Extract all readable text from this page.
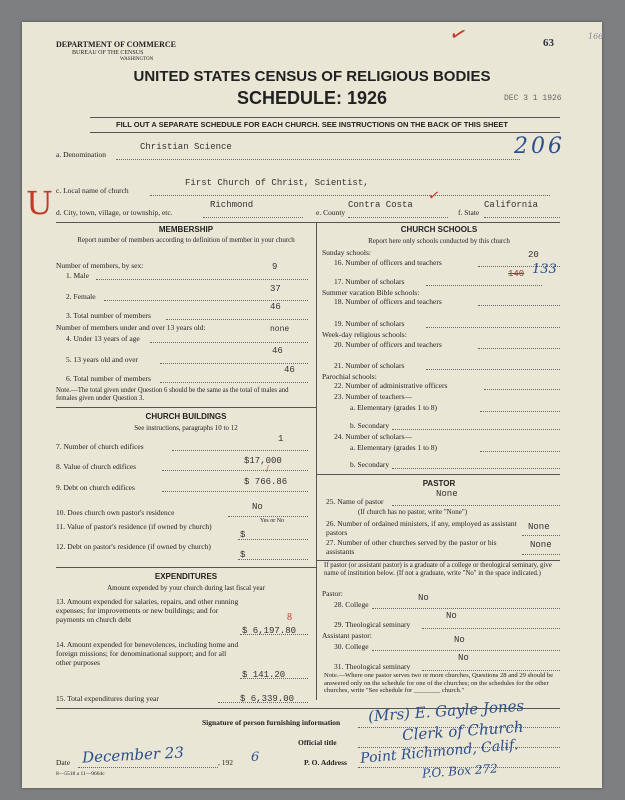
DEPARTMENT OF COMMERCE
BUREAU OF THE CENSUS
WASHINGTON
63
166
UNITED STATES CENSUS OF RELIGIOUS BODIES
SCHEDULE: 1926	DEC 3 1 1926
✓
FILL OUT A SEPARATE SCHEDULE FOR EACH CHURCH. SEE INSTRUCTIONS ON THE BACK OF THIS SHEET
a. Denomination
Christian Science	206
U c. Local name of church
First Church of Christ, Scientist,
d. City, town, village, or township, etc.
Richmond
e. County
Contra Costa
✓
f. State
California
MEMBERSHIP
Report number of members according to definition of member in your church
Number of members, by sex:
1. Male
9
2. Female
37
3. Total number of members
46
Number of members under and over 13 years old:
4. Under 13 years of age
none
5. 13 years old and over
46
6. Total number of members
46
Note.—The total given under Question 6 should be the same as the total of males and females given under Question 3.
CHURCH BUILDINGS
See instructions, paragraphs 10 to 12
7. Number of church edifices
1
8. Value of church edifices
$17,000
9. Debt on church edifices
$ 766.86
/
10. Does church own pastor's residence
No
Yes or No
11. Value of pastor's residence (if owned by church)
$
12. Debt on pastor's residence (if owned by church)
$
EXPENDITURES
Amount expended by your church during last fiscal year
13. Amount expended for salaries, repairs, and other running expenses; for improvements or new buildings; and for payments on church debt
$ 6,197.80
8
14. Amount expended for benevolences, including home and foreign missions; for denominational support; and for all other purposes
$ 141.20
15. Total expenditures during year	$ 6,339.00
CHURCH SCHOOLS
Report here only schools conducted by this church
Sunday schools:
16. Number of officers and teachers
20
17. Number of scholars
140 133
Summer vacation Bible schools:
18. Number of officers and teachers
19. Number of scholars
Week-day religious schools:
20. Number of officers and teachers
21. Number of scholars
Parochial schools:
22. Number of administrative officers
23. Number of teachers—
a. Elementary (grades 1 to 8)
b. Secondary
24. Number of scholars—
a. Elementary (grades 1 to 8)
b. Secondary
PASTOR
25. Name of pastor
None
(If church has no pastor, write "None")
26. Number of ordained ministers, if any, employed as assistant pastors
None
27. Number of other churches served by the pastor or his assistants
None
If pastor (or assistant pastor) is a graduate of a college or theological seminary, give name of institution below. (If not a graduate, write "No" in the space indicated.)
Pastor:
28. College
No
29. Theological seminary
No
Assistant pastor:
30. College
No
31. Theological seminary
No
Note.—Where one pastor serves two or more churches, Questions 28 and 29 should be answered only on the schedule for one of the churches; on the schedules for the other churches, write "See schedule for ________ church."
Signature of person furnishing information (Mrs) E. Gayle Jones
Official title	Clerk of Church
Date December 23	, 192 6	P. O. Address Point Richmond, Calif.
P.O. Box 272
8—5518 a 11—9664c
